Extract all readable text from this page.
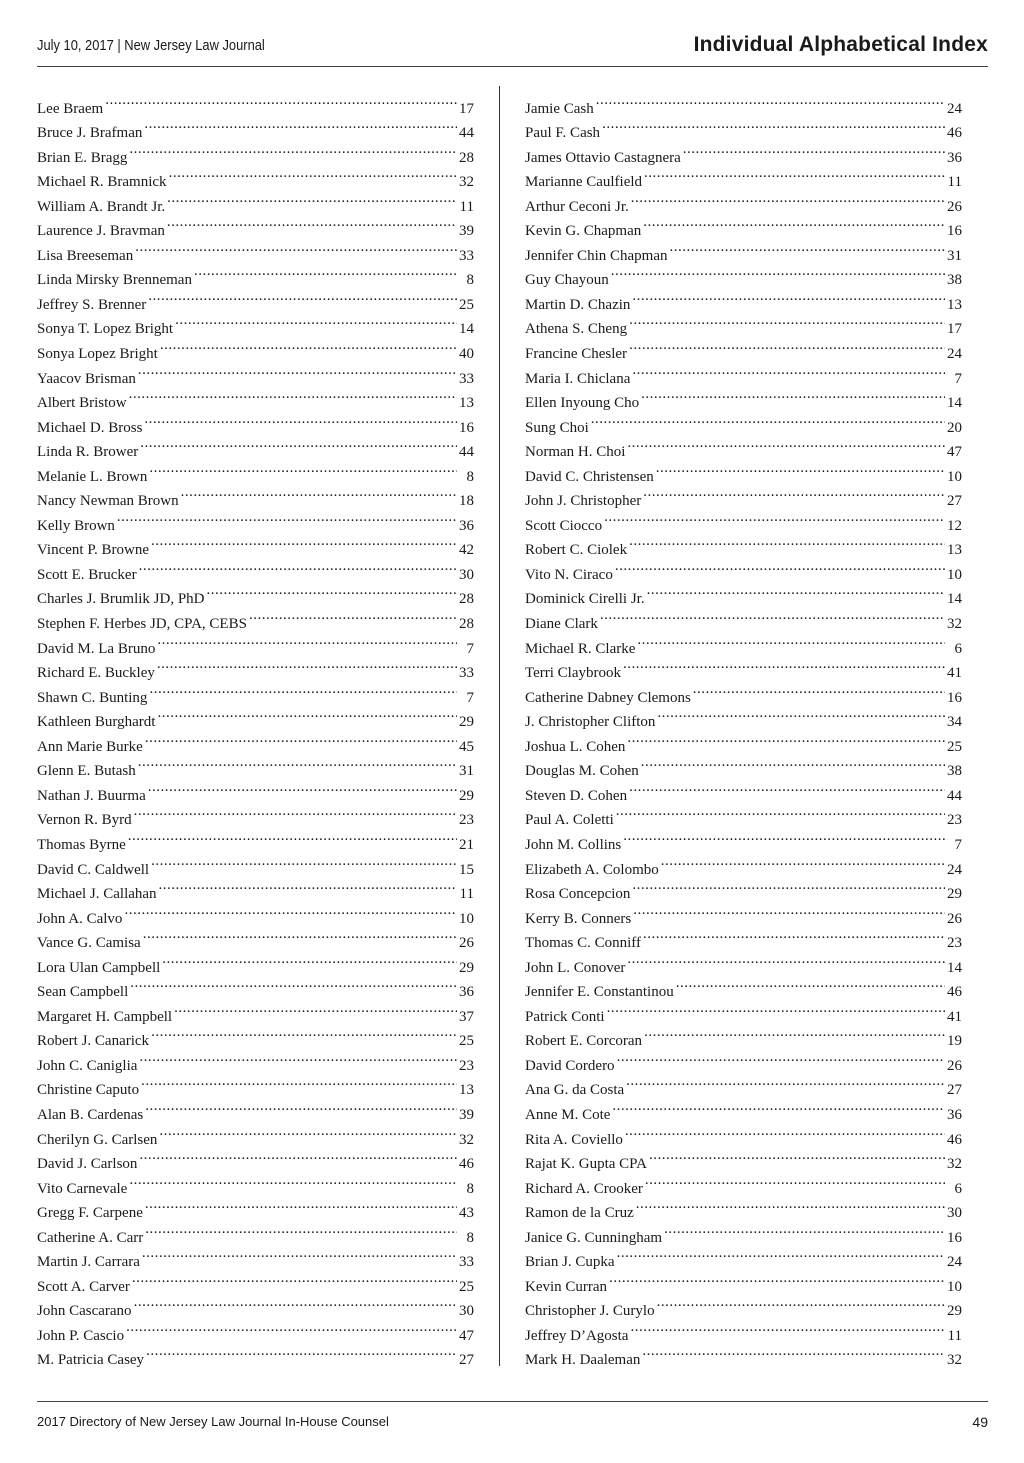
July 10, 2017 | New Jersey Law Journal	Individual Alphabetical Index
Lee Braem .....	17
Bruce J. Brafman .....	44
Brian E. Bragg .....	28
Michael R. Bramnick .....	32
William A. Brandt Jr. .....	11
Laurence J. Bravman .....	39
Lisa Breeseman .....	33
Linda Mirsky Brenneman .....	8
Jeffrey S. Brenner .....	25
Sonya T. Lopez Bright .....	14
Sonya Lopez Bright .....	40
Yaacov Brisman .....	33
Albert Bristow .....	13
Michael D. Bross .....	16
Linda R. Brower .....	44
Melanie L. Brown .....	8
Nancy Newman Brown .....	18
Kelly Brown .....	36
Vincent P. Browne .....	42
Scott E. Brucker .....	30
Charles J. Brumlik JD, PhD .....	28
Stephen F. Herbes JD, CPA, CEBS .....	28
David M. La Bruno .....	7
Richard E. Buckley .....	33
Shawn C. Bunting .....	7
Kathleen Burghardt .....	29
Ann Marie Burke .....	45
Glenn E. Butash .....	31
Nathan J. Buurma .....	29
Vernon R. Byrd .....	23
Thomas Byrne .....	21
David C. Caldwell .....	15
Michael J. Callahan .....	11
John A. Calvo .....	10
Vance G. Camisa .....	26
Lora Ulan Campbell .....	29
Sean Campbell .....	36
Margaret H. Campbell .....	37
Robert J. Canarick .....	25
John C. Caniglia .....	23
Christine Caputo .....	13
Alan B. Cardenas .....	39
Cherilyn G. Carlsen .....	32
David J. Carlson .....	46
Vito Carnevale .....	8
Gregg F. Carpene .....	43
Catherine A. Carr .....	8
Martin J. Carrara .....	33
Scott A. Carver .....	25
John Cascarano .....	30
John P. Cascio .....	47
M. Patricia Casey .....	27
Jamie Cash .....	24
Paul F. Cash .....	46
James Ottavio Castagnera .....	36
Marianne Caulfield .....	11
Arthur Ceconi Jr. .....	26
Kevin G. Chapman .....	16
Jennifer Chin Chapman .....	31
Guy Chayoun .....	38
Martin D. Chazin .....	13
Athena S. Cheng .....	17
Francine Chesler .....	24
Maria I. Chiclana .....	7
Ellen Inyoung Cho .....	14
Sung Choi .....	20
Norman H. Choi .....	47
David C. Christensen .....	10
John J. Christopher .....	27
Scott Ciocco .....	12
Robert C. Ciolek .....	13
Vito N. Ciraco .....	10
Dominick Cirelli Jr. .....	14
Diane Clark .....	32
Michael R. Clarke .....	6
Terri Claybrook .....	41
Catherine Dabney Clemons .....	16
J. Christopher Clifton .....	34
Joshua L. Cohen .....	25
Douglas M. Cohen .....	38
Steven D. Cohen .....	44
Paul A. Coletti .....	23
John M. Collins .....	7
Elizabeth A. Colombo .....	24
Rosa Concepcion .....	29
Kerry B. Conners .....	26
Thomas C. Conniff .....	23
John L. Conover .....	14
Jennifer E. Constantinou .....	46
Patrick Conti .....	41
Robert E. Corcoran .....	19
David Cordero .....	26
Ana G. da Costa .....	27
Anne M. Cote .....	36
Rita A. Coviello .....	46
Rajat K. Gupta CPA .....	32
Richard A. Crooker .....	6
Ramon de la Cruz .....	30
Janice G. Cunningham .....	16
Brian J. Cupka .....	24
Kevin Curran .....	10
Christopher J. Curylo .....	29
Jeffrey D’Agosta .....	11
Mark H. Daaleman .....	32
2017 Directory of New Jersey Law Journal In-House Counsel	49
